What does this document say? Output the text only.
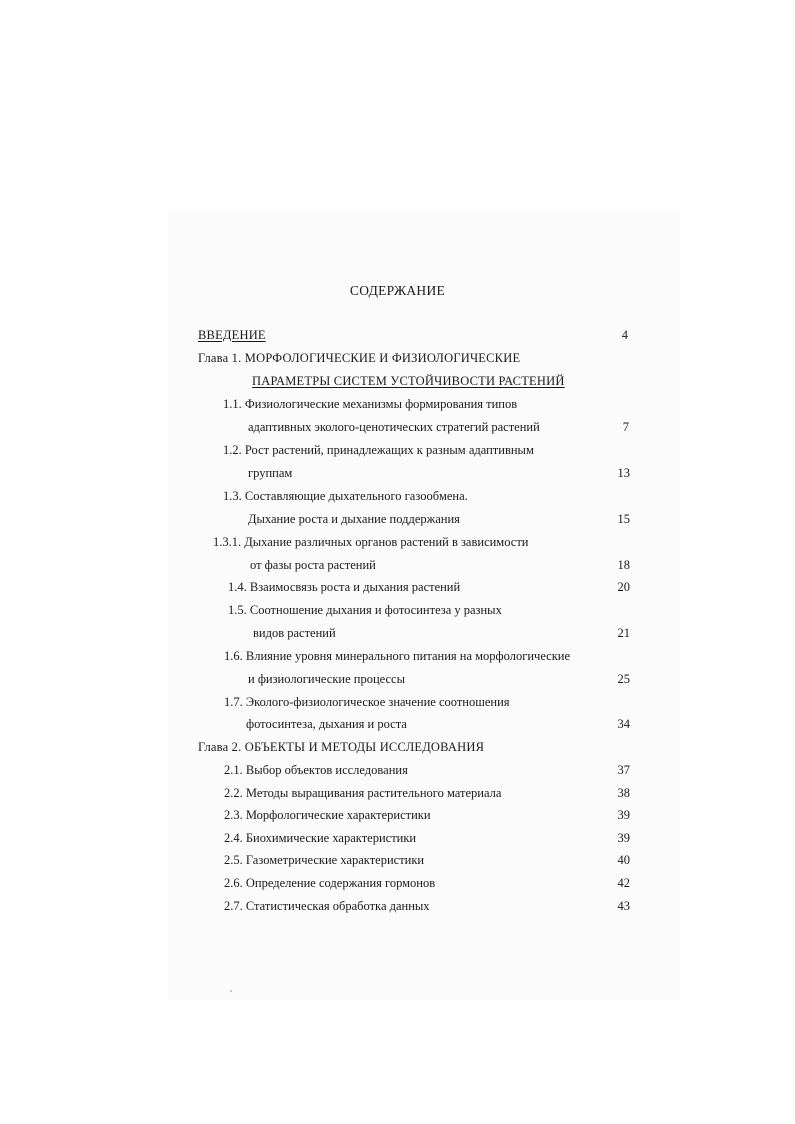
СОДЕРЖАНИЕ
ВВЕДЕНИЕ	4
Глава 1. МОРФОЛОГИЧЕСКИЕ И ФИЗИОЛОГИЧЕСКИЕ
ПАРАМЕТРЫ СИСТЕМ УСТОЙЧИВОСТИ РАСТЕНИЙ
1.1. Физиологические механизмы формирования типов
адаптивных эколого-ценотических стратегий растений	7
1.2. Рост растений, принадлежащих к разным адаптивным
группам	13
1.3. Составляющие дыхательного газообмена.
Дыхание роста и дыхание поддержания	15
1.3.1. Дыхание различных органов растений в зависимости
от фазы роста растений	18
1.4. Взаимосвязь роста и дыхания растений	20
1.5. Соотношение дыхания и фотосинтеза у разных
видов растений	21
1.6. Влияние уровня минерального питания на морфологические
и физиологические процессы	25
1.7. Эколого-физиологическое значение соотношения
фотосинтеза, дыхания и роста	34
Глава 2. ОБЪЕКТЫ И МЕТОДЫ ИССЛЕДОВАНИЯ
2.1. Выбор объектов исследования	37
2.2. Методы выращивания растительного материала	38
2.3. Морфологические характеристики	39
2.4. Биохимические характеристики	39
2.5. Газометрические характеристики	40
2.6. Определение содержания гормонов	42
2.7. Статистическая обработка данных	43
